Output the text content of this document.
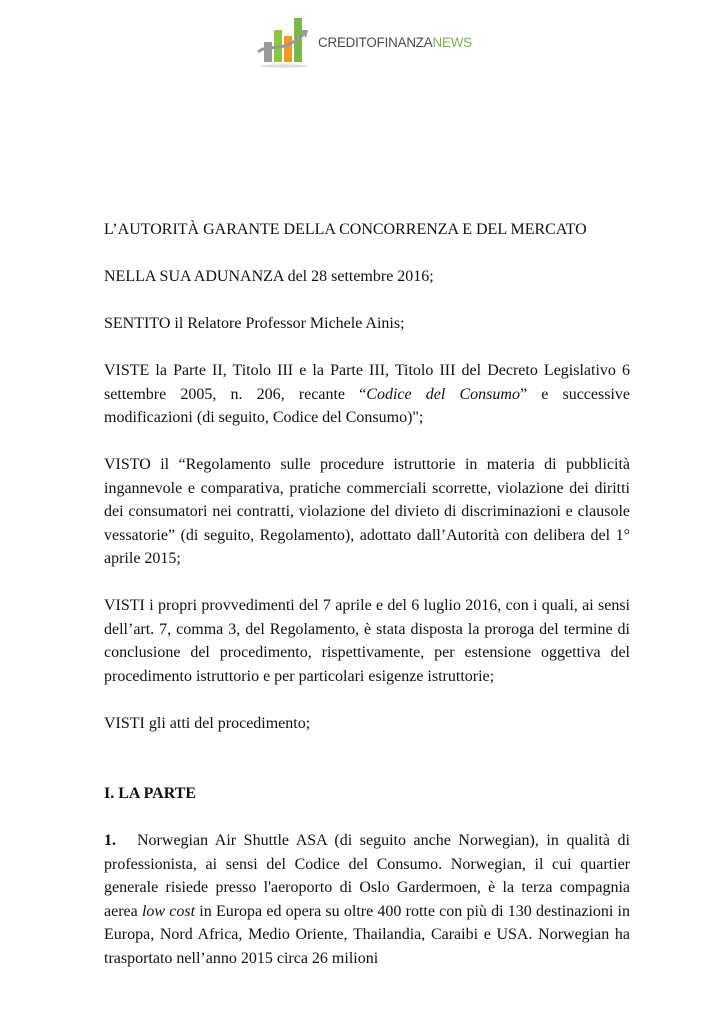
CREDITOFINANZANEWS

L’AUTORITÀ GARANTE DELLA CONCORRENZA E DEL MERCATO

NELLA SUA ADUNANZA del 28 settembre 2016;

SENTITO il Relatore Professor Michele Ainis;

VISTE la Parte II, Titolo III e la Parte III, Titolo III del Decreto Legislativo 6 settembre 2005, n. 206, recante “Codice del Consumo” e successive modificazioni (di seguito, Codice del Consumo)";

VISTO il “Regolamento sulle procedure istruttorie in materia di pubblicità ingannevole e comparativa, pratiche commerciali scorrette, violazione dei diritti dei consumatori nei contratti, violazione del divieto di discriminazioni e clausole vessatorie” (di seguito, Regolamento), adottato dall’Autorità con delibera del 1° aprile 2015;

VISTI i propri provvedimenti del 7 aprile e del 6 luglio 2016, con i quali, ai sensi dell’art. 7, comma 3, del Regolamento, è stata disposta la proroga del termine di conclusione del procedimento, rispettivamente, per estensione oggettiva del procedimento istruttorio e per particolari esigenze istruttorie;

VISTI gli atti del procedimento;

I. LA PARTE

1. Norwegian Air Shuttle ASA (di seguito anche Norwegian), in qualità di professionista, ai sensi del Codice del Consumo. Norwegian, il cui quartier generale risiede presso l'aeroporto di Oslo Gardermoen, è la terza compagnia aerea low cost in Europa ed opera su oltre 400 rotte con più di 130 destinazioni in Europa, Nord Africa, Medio Oriente, Thailandia, Caraibi e USA. Norwegian ha trasportato nell’anno 2015 circa 26 milioni
